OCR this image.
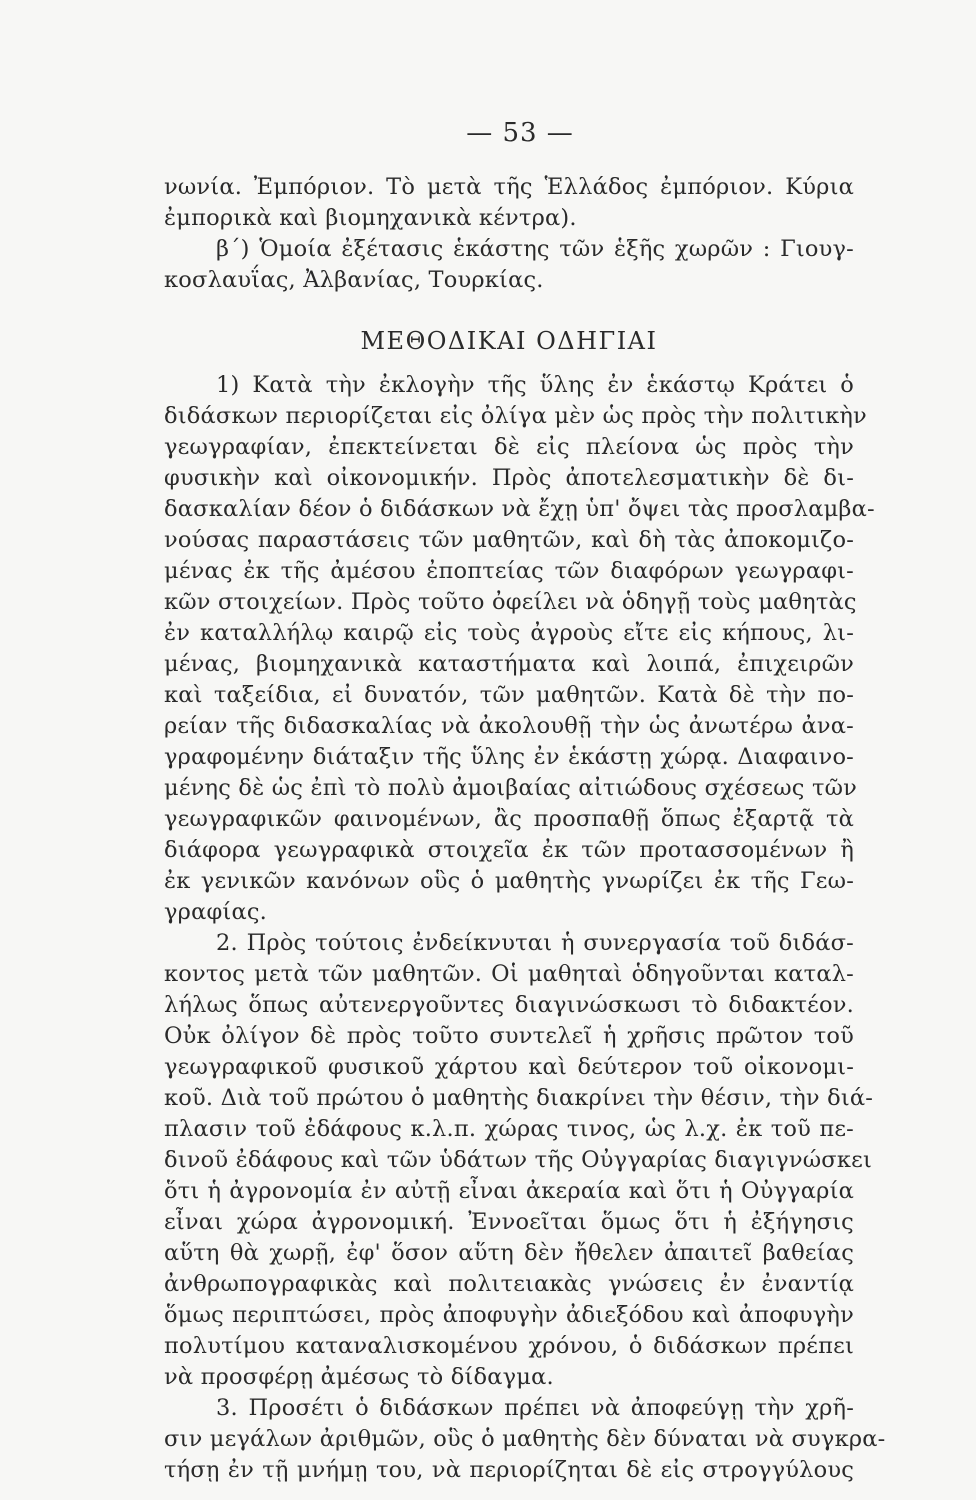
— 53 —
νωνία. Ἐμπόριον. Τὸ μετὰ τῆς Ἑλλάδος ἐμπόριον. Κύρια
ἐμπορικὰ καὶ βιομηχανικὰ κέντρα).
β΄) Ὁμοία ἐξέτασις ἑκάστης τῶν ἑξῆς χωρῶν : Γιουγ-
κοσλαυΐας, Ἀλβανίας, Τουρκίας.
ΜΕΘΟΔΙΚΑΙ ΟΔΗΓΙΑΙ
1) Κατὰ τὴν ἐκλογὴν τῆς ὕλης ἐν ἑκάστῳ Κράτει ὁ
διδάσκων περιορίζεται εἰς ὀλίγα μὲν ὡς πρὸς τὴν πολιτικὴν
γεωγραφίαν, ἐπεκτείνεται δὲ εἰς πλείονα ὡς πρὸς τὴν
φυσικὴν καὶ οἰκονομικήν. Πρὸς ἀποτελεσματικὴν δὲ δι-
δασκαλίαν δέον ὁ διδάσκων νὰ ἔχῃ ὑπ' ὄψει τὰς προσλαμβα-
νούσας παραστάσεις τῶν μαθητῶν, καὶ δὴ τὰς ἀποκομιζο-
μένας ἐκ τῆς ἀμέσου ἐποπτείας τῶν διαφόρων γεωγραφι-
κῶν στοιχείων. Πρὸς τοῦτο ὀφείλει νὰ ὁδηγῇ τοὺς μαθητὰς
ἐν καταλλήλῳ καιρῷ εἰς τοὺς ἀγροὺς εἴτε εἰς κήπους, λι-
μένας, βιομηχανικὰ καταστήματα καὶ λοιπά, ἐπιχειρῶν
καὶ ταξείδια, εἰ δυνατόν, τῶν μαθητῶν. Κατὰ δὲ τὴν πο-
ρείαν τῆς διδασκαλίας νὰ ἀκολουθῇ τὴν ὡς ἀνωτέρω ἀνα-
γραφομένην διάταξιν τῆς ὕλης ἐν ἑκάστῃ χώρᾳ. Διαφαινο-
μένης δὲ ὡς ἐπὶ τὸ πολὺ ἀμοιβαίας αἰτιώδους σχέσεως τῶν
γεωγραφικῶν φαινομένων, ἂς προσπαθῇ ὅπως ἐξαρτᾷ τὰ
διάφορα γεωγραφικὰ στοιχεῖα ἐκ τῶν προτασσομένων ἢ
ἐκ γενικῶν κανόνων οὓς ὁ μαθητὴς γνωρίζει ἐκ τῆς Γεω-
γραφίας.
2. Πρὸς τούτοις ἐνδείκνυται ἡ συνεργασία τοῦ διδάσ-
κοντος μετὰ τῶν μαθητῶν. Οἱ μαθηταὶ ὁδηγοῦνται καταλ-
λήλως ὅπως αὐτενεργοῦντες διαγινώσκωσι τὸ διδακτέον.
Οὐκ ὀλίγον δὲ πρὸς τοῦτο συντελεῖ ἡ χρῆσις πρῶτον τοῦ
γεωγραφικοῦ φυσικοῦ χάρτου καὶ δεύτερον τοῦ οἰκονομι-
κοῦ. Διὰ τοῦ πρώτου ὁ μαθητὴς διακρίνει τὴν θέσιν, τὴν διά-
πλασιν τοῦ ἐδάφους κ.λ.π. χώρας τινος, ὡς λ.χ. ἐκ τοῦ πε-
δινοῦ ἐδάφους καὶ τῶν ὑδάτων τῆς Οὐγγαρίας διαγιγνώσκει
ὅτι ἡ ἀγρονομία ἐν αὐτῇ εἶναι ἀκεραία καὶ ὅτι ἡ Οὐγγαρία
εἶναι χώρα ἀγρονομική. Ἐννοεῖται ὅμως ὅτι ἡ ἐξήγησις
αὕτη θὰ χωρῇ, ἐφ' ὅσον αὕτη δὲν ἤθελεν ἀπαιτεῖ βαθείας
ἀνθρωπογραφικὰς καὶ πολιτειακὰς γνώσεις ἐν ἐναντίᾳ
ὅμως περιπτώσει, πρὸς ἀποφυγὴν ἀδιεξόδου καὶ ἀποφυγὴν
πολυτίμου καταναλισκομένου χρόνου, ὁ διδάσκων πρέπει
νὰ προσφέρῃ ἀμέσως τὸ δίδαγμα.
3. Προσέτι ὁ διδάσκων πρέπει νὰ ἀποφεύγῃ τὴν χρῆ-
σιν μεγάλων ἀριθμῶν, οὓς ὁ μαθητὴς δὲν δύναται νὰ συγκρα-
τήσῃ ἐν τῇ μνήμῃ του, νὰ περιορίζηται δὲ εἰς στρογγύλους
